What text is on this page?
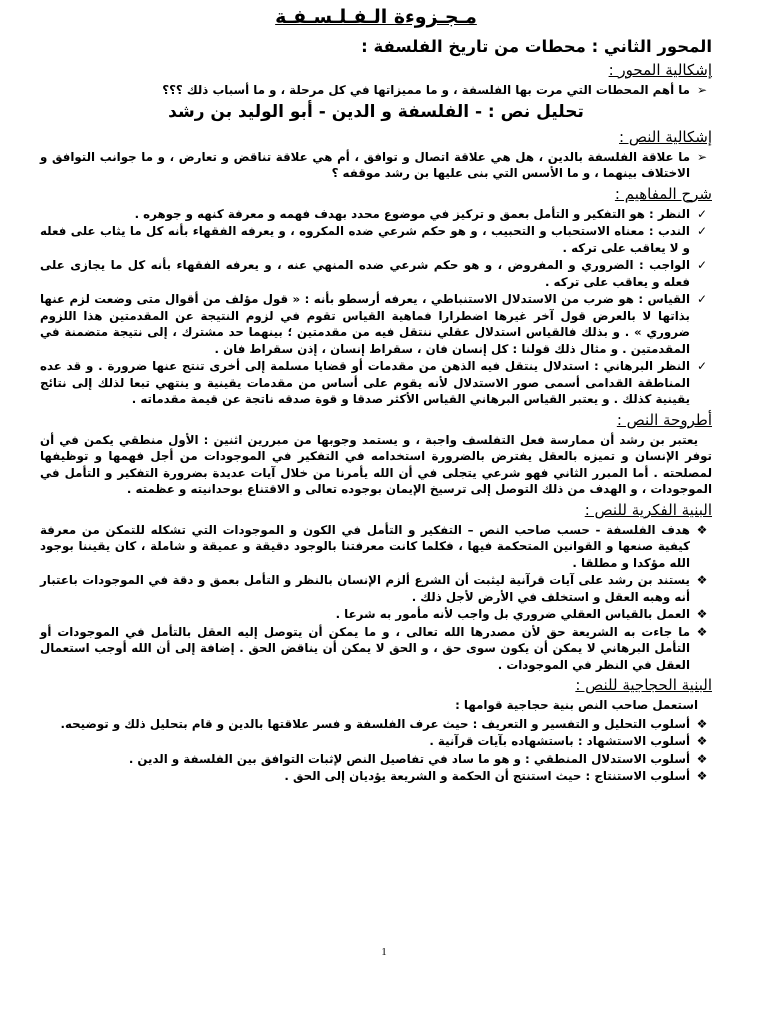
مـجـزوءة الـفـلـسـفـة
المحور الثاني : محطات من تاريخ الفلسفة :
إشكالية المحور :
➢
ما أهم المحطات التي مرت بها الفلسفة ، و ما مميزاتها في كل مرحلة ، و ما أسباب ذلك ؟؟؟
تحليل نص : - الفلسفة و الدين - أبو الوليد بن رشد
إشكالية النص :
➢
ما علاقة الفلسفة بالدين ، هل هي علاقة اتصال و توافق ، أم هي علاقة تناقض و تعارض ، و ما جوانب التوافق و الاختلاف بينهما ، و ما الأسس التي بنى عليها بن رشد موقفه ؟
شرح المفاهيم :
✓
النظر : هو التفكير و التأمل بعمق و تركيز في موضوع محدد بهدف فهمه و معرفة كنهه و جوهره .
✓
الندب : معناه الاستحباب و التحبيب ، و هو حكم شرعي ضده المكروه ، و يعرفه الفقهاء بأنه كل ما يثاب على فعله و لا يعاقب على تركه .
✓
الواجب : الضروري و المفروض ، و هو حكم شرعي ضده المنهي عنه ، و يعرفه الفقهاء بأنه كل ما يجازى على فعله و يعاقب على تركه .
✓
القياس : هو ضرب من الاستدلال الاستنباطي ، يعرفه أرسطو بأنه : « قول مؤلف من أقوال متى وضعت لزم عنها بذاتها لا بالعرض قول آخر غيرها اضطرارا فماهية القياس تقوم في لزوم النتيجة عن المقدمتين هذا اللزوم ضروري » . و بذلك فالقياس استدلال عقلي ننتقل فيه من مقدمتين ؛ بينهما حد مشترك ، إلى نتيجة متضمنة في المقدمتين . و مثال ذلك قولنا : كل إنسان فان ، سقراط إنسان ، إذن سقراط فان .
✓
النظر البرهاني : استدلال ينتقل فيه الذهن من مقدمات أو قضايا مسلمة إلى أخرى تنتج عنها ضرورة . و قد عده المناطقة القدامى أسمى صور الاستدلال لأنه يقوم على أساس من مقدمات يقينية و ينتهي تبعا لذلك إلى نتائج يقينية كذلك . و يعتبر القياس البرهاني القياس الأكثر صدقا و قوة صدقه ناتجة عن قيمة مقدماته .
أطروحة النص :

يعتبر بن رشد أن ممارسة فعل التفلسف واجبة ، و يستمد وجوبها من مبررين اثنين : الأول منطقي يكمن في أن توفر الإنسان و تميزه بالعقل يفترض بالضرورة استخدامه في التفكير في الموجودات من أجل فهمها و توظيفها لمصلحته . أما المبرر الثاني فهو شرعي يتجلى في أن الله يأمرنا من خلال آيات عديدة بضرورة التفكير و التأمل في الموجودات ، و الهدف من ذلك التوصل إلى ترسيخ الإيمان بوجوده تعالى و الاقتناع بوحدانيته و عظمته .

البنية الفكرية للنص :
❖
هدف الفلسفة - حسب صاحب النص – التفكير و التأمل في الكون و الموجودات التي تشكله للتمكن من معرفة كيفية صنعها و القوانين المتحكمة فيها ، فكلما كانت معرفتنا بالوجود دقيقة و عميقة و شاملة ، كان يقيننا بوجود الله مؤكدا و مطلقا .
❖
يستند بن رشد على آيات قرآنية ليثبت أن الشرع ألزم الإنسان بالنظر و التأمل بعمق و دقة في الموجودات باعتبار أنه وهبه العقل و استخلف في الأرض لأجل ذلك .
❖
العمل بالقياس العقلي ضروري بل واجب لأنه مأمور به شرعا .
❖
ما جاءت به الشريعة حق لأن مصدرها الله تعالى ، و ما يمكن أن يتوصل إليه العقل بالتأمل في الموجودات أو التأمل البرهاني لا يمكن أن يكون سوى حق ، و الحق لا يمكن أن يناقض الحق . إضافة إلى أن الله أوجب استعمال العقل في النظر في الموجودات .
البنية الحجاجية للنص :
استعمل صاحب النص بنية حجاجية قوامها :
❖
أسلوب التحليل و التفسير و التعريف : حيث عرف الفلسفة و فسر علاقتها بالدين و قام بتحليل ذلك و توضيحه.
❖
أسلوب الاستشهاد : باستشهاده بآيات قرآنية .
❖
أسلوب الاستدلال المنطقي : و هو ما ساد في تفاصيل النص لإثبات التوافق بين الفلسفة و الدين .
❖
أسلوب الاستنتاج : حيث استنتج أن الحكمة و الشريعة يؤديان إلى الحق .
1
